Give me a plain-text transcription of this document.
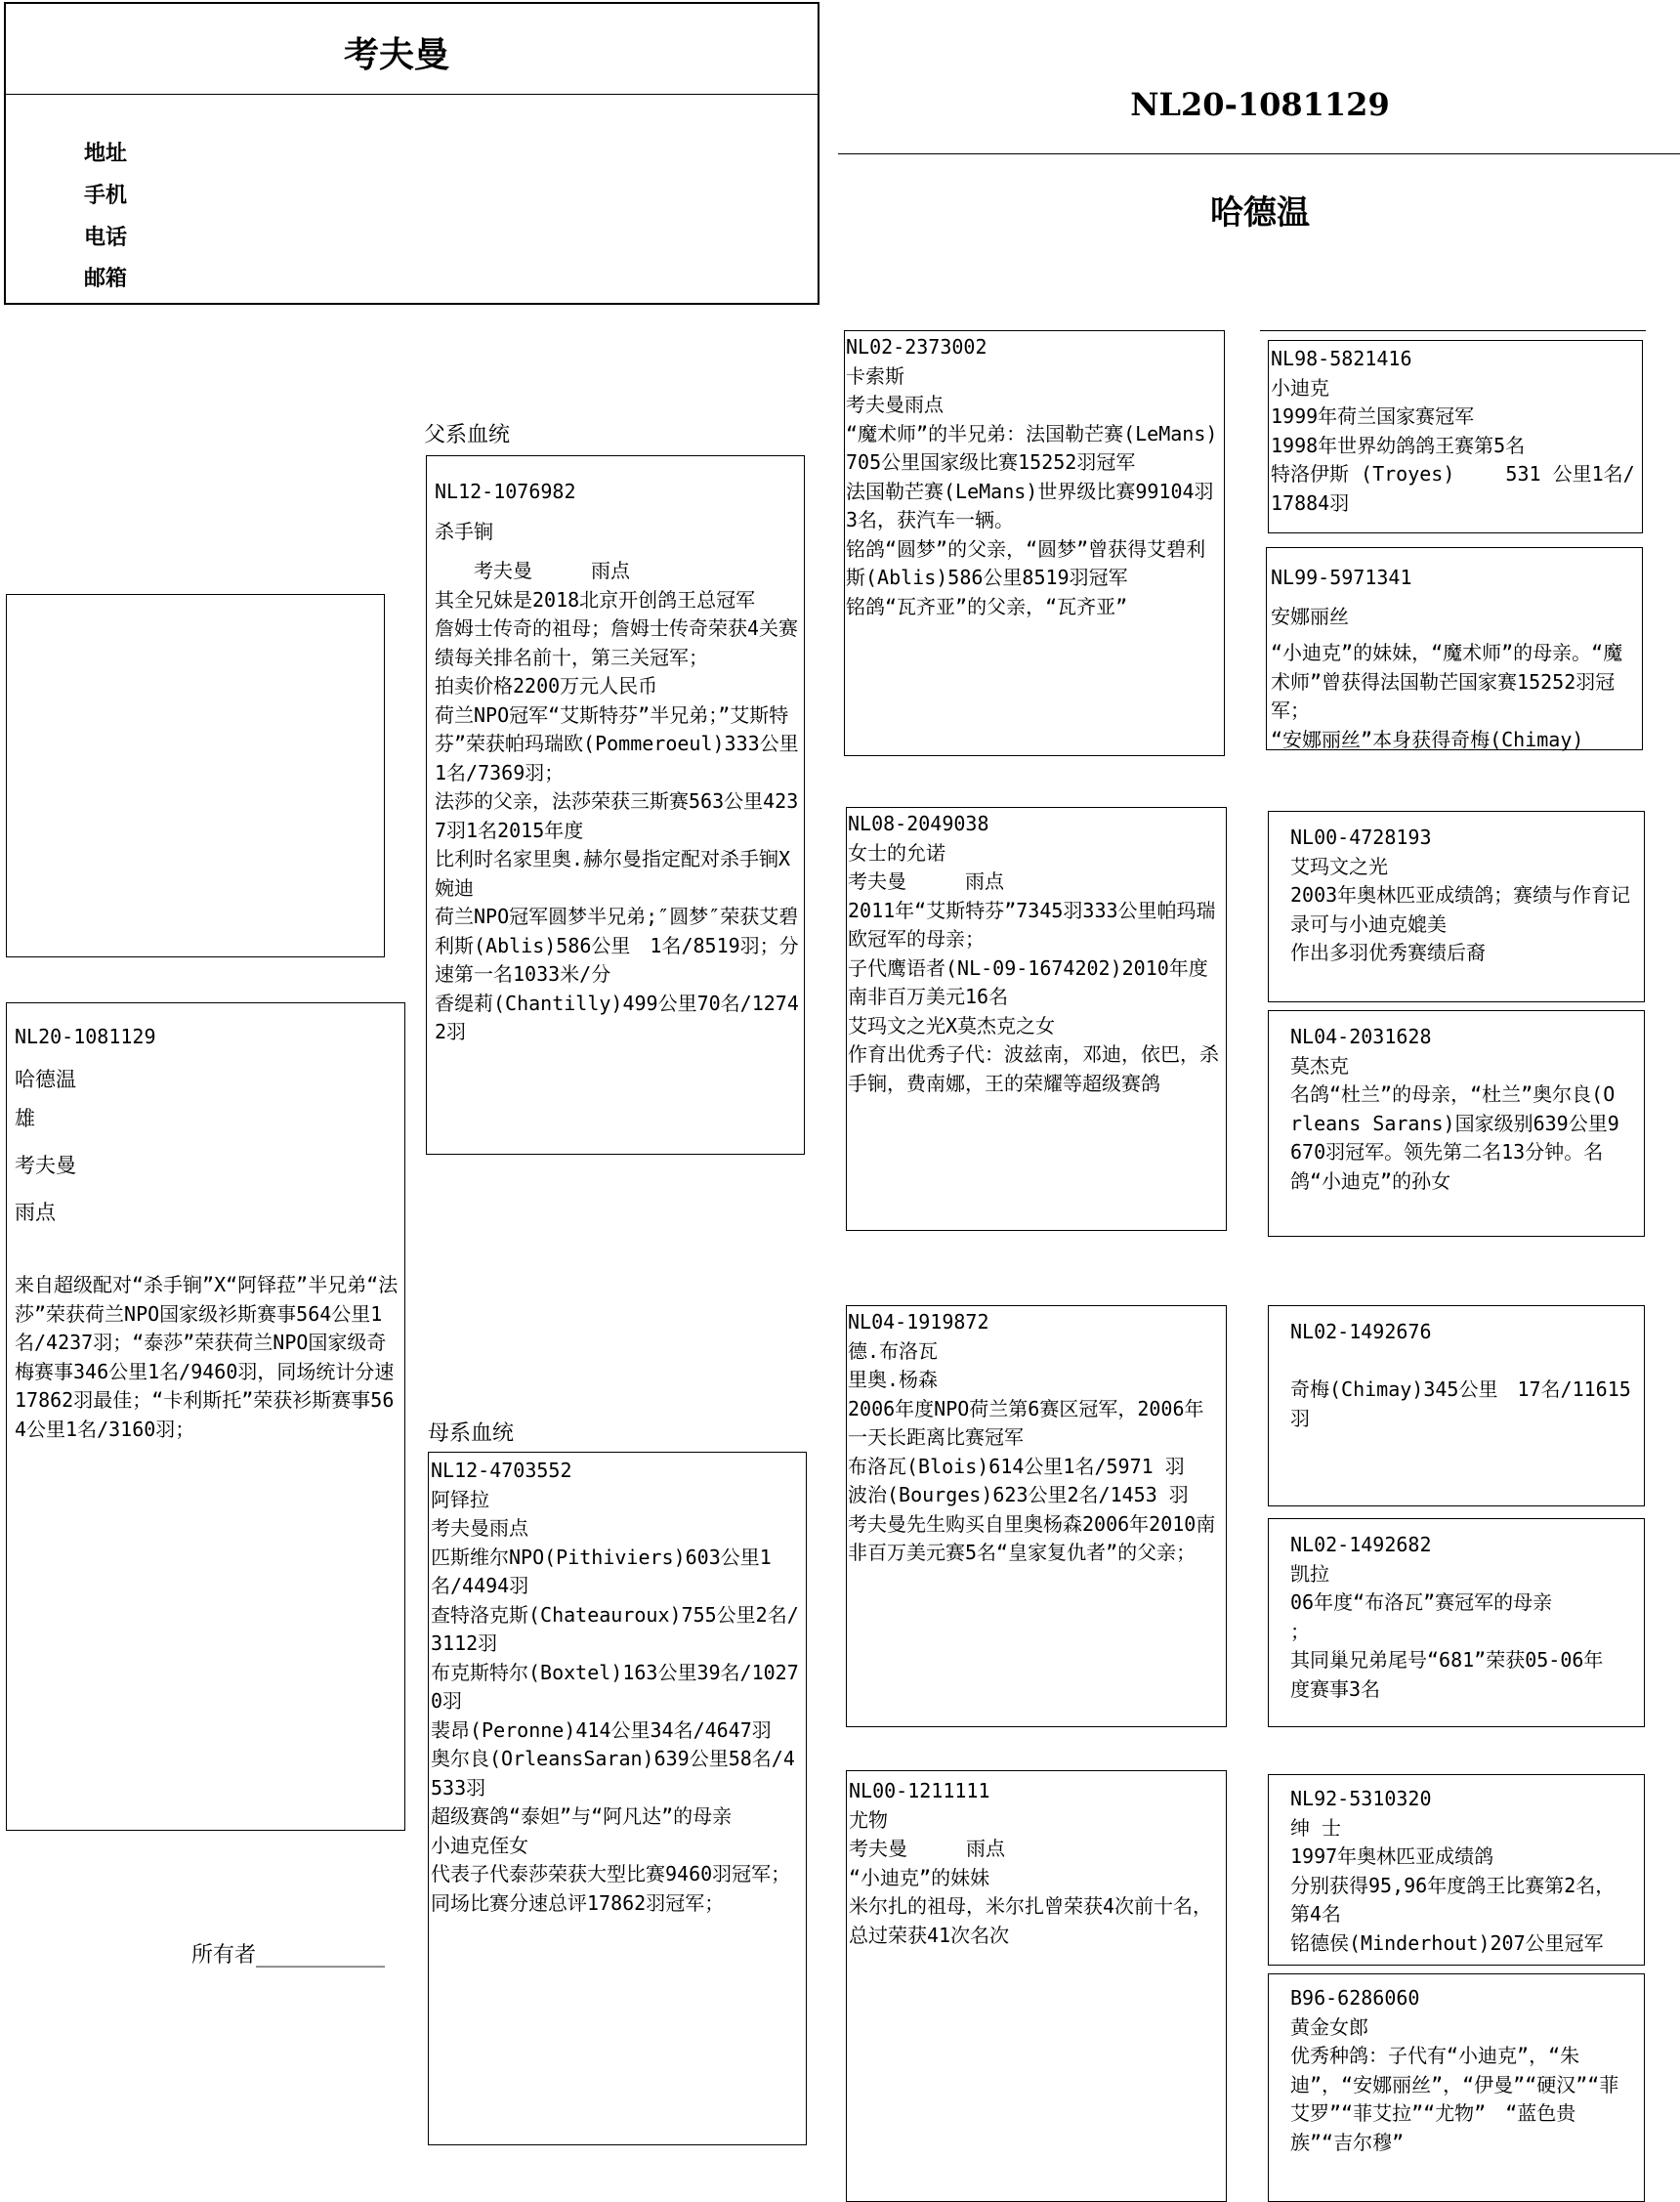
考夫曼
地址
手机
电话
邮箱
NL20-1081129
哈德温
NL20-1081129
哈德温
雄
考夫曼
雨点
来自超级配对“杀手锏”X“阿铎菈”半兄弟“法莎”荣获荷兰NPO国家级衫斯赛事564公里1名/4237羽；“泰莎”荣获荷兰NPO国家级奇梅赛事346公里1名/9460羽，同场统计分速17862羽最佳；“卡利斯托”荣获衫斯赛事564公里1名/3160羽；
所有者____________
父系血统
NL12-1076982
杀手锏
　　考夫曼　　　雨点
其全兄妹是2018北京开创鸽王总冠军
詹姆士传奇的祖母；詹姆士传奇荣获4关赛绩每关排名前十，第三关冠军；
拍卖价格2200万元人民币
荷兰NPO冠军“艾斯特芬”半兄弟；”艾斯特芬”荣获帕玛瑞欧(Pommeroeul)333公里1名/7369羽；
法莎的父亲，法莎荣获三斯赛563公里4237羽1名2015年度
比利时名家里奥.赫尔曼指定配对杀手锏X婉迪
荷兰NPO冠军圆梦半兄弟;″圆梦″荣获艾碧利斯(Ablis)586公里　1名/8519羽；分速第一名1033米/分
香缇莉(Chantilly)499公里70名/12742羽
母系血统
NL12-4703552
阿铎拉
考夫曼雨点
匹斯维尔NPO(Pithiviers)603公里1名/4494羽
查特洛克斯(Chateauroux)755公里2名/3112羽
布克斯特尔(Boxtel)163公里39名/10270羽
裴昂(Peronne)414公里34名/4647羽
奥尔良(OrleansSaran)639公里58名/4533羽
超级赛鸽“泰妲”与“阿凡达”的母亲
小迪克侄女
代表子代泰莎荣获大型比赛9460羽冠军；同场比赛分速总评17862羽冠军；
NL02-2373002
卡索斯
考夫曼雨点
“魔术师”的半兄弟：法国勒芒赛(LeMans)705公里国家级比赛15252羽冠军
法国勒芒赛(LeMans)世界级比赛99104羽3名，获汽车一辆。
铭鸽“圆梦”的父亲，“圆梦”曾获得艾碧利斯(Ablis)586公里8519羽冠军
铭鸽“瓦齐亚”的父亲，“瓦齐亚”
NL08-2049038
女士的允诺
考夫曼　　　雨点
2011年“艾斯特芬”7345羽333公里帕玛瑞欧冠军的母亲；
子代鹰语者(NL-09-1674202)2010年度南非百万美元16名
艾玛文之光X莫杰克之女
作育出优秀子代：波兹南，邓迪，依巴，杀手锏，费南娜，王的荣耀等超级赛鸽
NL04-1919872
德.布洛瓦
里奥.杨森
2006年度NPO荷兰第6赛区冠军，2006年一天长距离比赛冠军
布洛瓦(Blois)614公里1名/5971 羽
波治(Bourges)623公里2名/1453 羽
考夫曼先生购买自里奥杨森2006年2010南非百万美元赛5名“皇家复仇者”的父亲；
NL00-1211111
尤物
考夫曼　　　雨点
“小迪克”的妹妹
米尔扎的祖母，米尔扎曾荣获4次前十名，总过荣获41次名次
NL98-5821416
小迪克
1999年荷兰国家赛冠军
1998年世界幼鸽鸽王赛第5名
特洛伊斯 (Troyes)　　 531 公里1名/17884羽
NL99-5971341
安娜丽丝
“小迪克”的妹妹，“魔术师”的母亲。“魔术师”曾获得法国勒芒国家赛15252羽冠军；
“安娜丽丝”本身获得奇梅(Chimay)
NL00-4728193
艾玛文之光
2003年奥林匹亚成绩鸽；赛绩与作育记录可与小迪克媲美
作出多羽优秀赛绩后裔
NL04-2031628
莫杰克
名鸽“杜兰”的母亲，“杜兰”奥尔良(Orleans Sarans)国家级别639公里9670羽冠军。领先第二名13分钟。名鸽“小迪克”的孙女
NL02-1492676
奇梅(Chimay)345公里　17名/11615羽
NL02-1492682
凯拉
06年度“布洛瓦”赛冠军的母亲
；
其同巢兄弟尾号“681”荣获05-06年 度赛事3名
NL92-5310320
绅 士
1997年奥林匹亚成绩鸽
分别获得95,96年度鸽王比赛第2名，　第4名
铭德侯(Minderhout)207公里冠军
B96-6286060
黄金女郎
优秀种鸽：子代有“小迪克”，“朱迪”，“安娜丽丝”，“伊曼”“硬汉”“菲艾罗”“菲艾拉”“尤物”　“蓝色贵族”“吉尔穆”
